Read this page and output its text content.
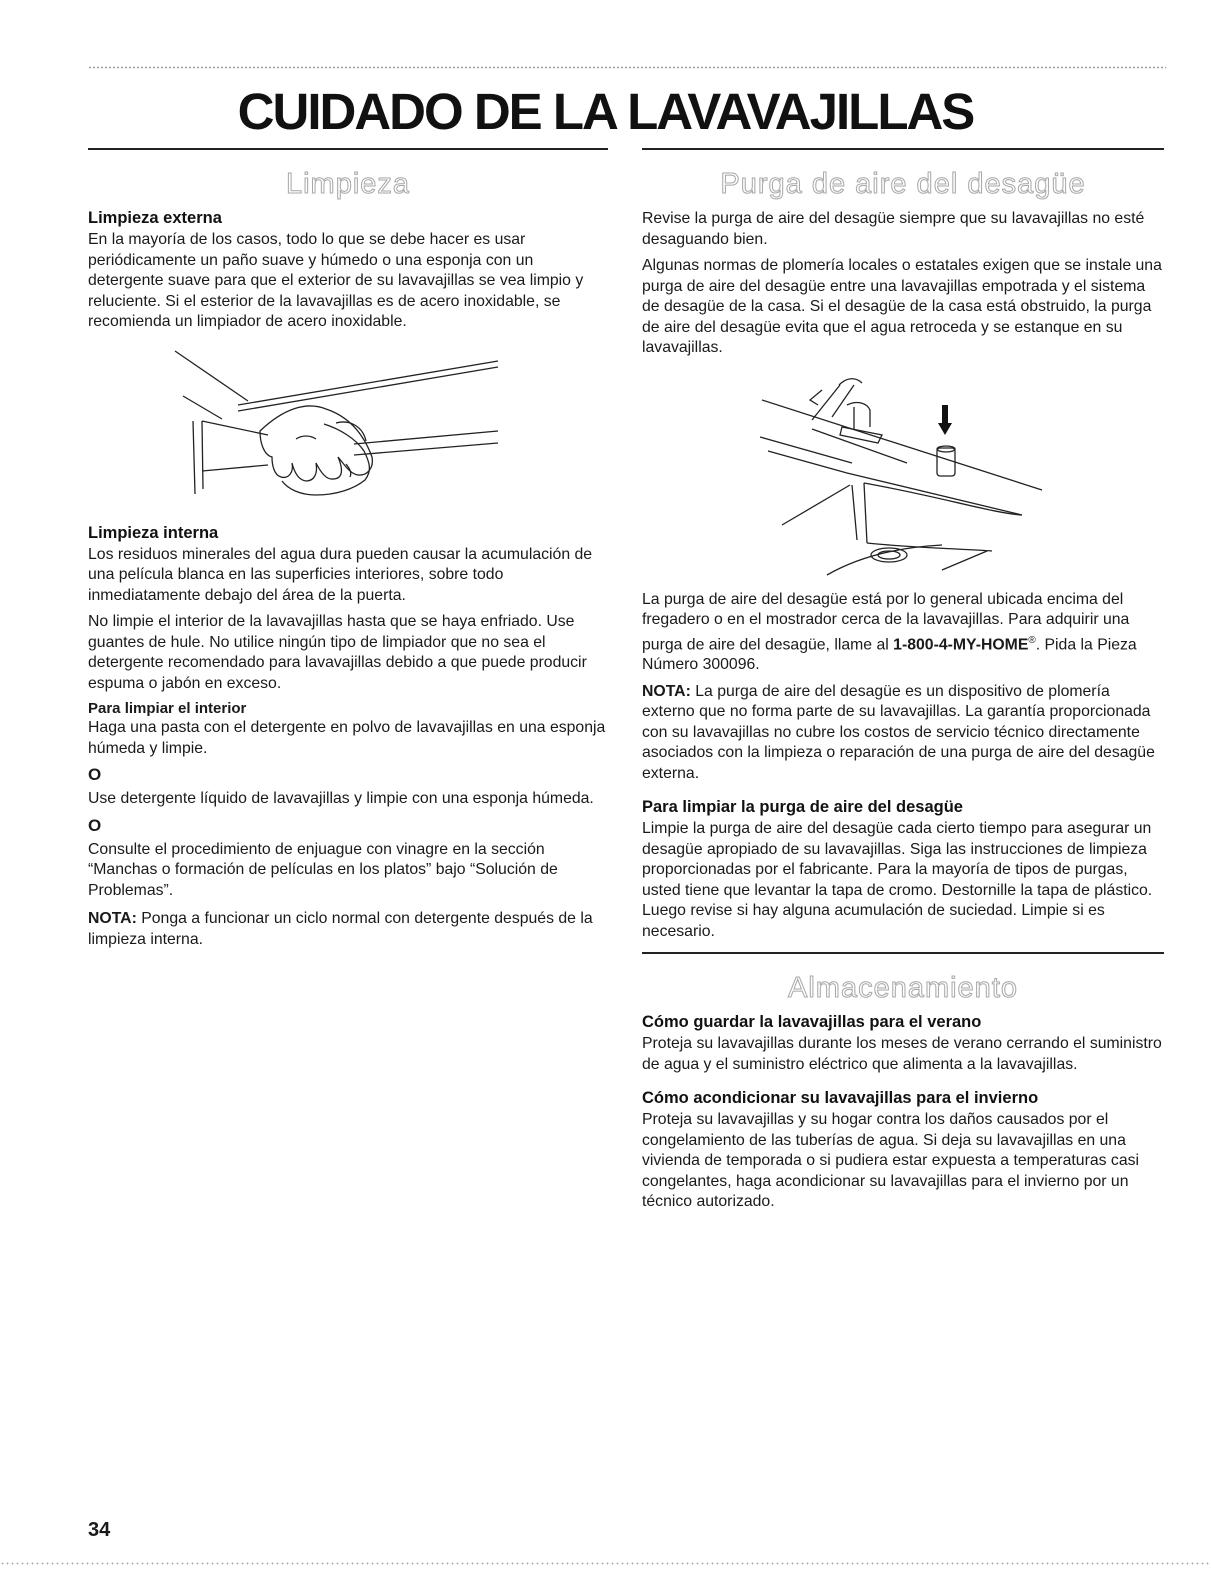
CUIDADO DE LA LAVAVAJILLAS
Limpieza
Limpieza externa

En la mayoría de los casos, todo lo que se debe hacer es usar periódicamente un paño suave y húmedo o una esponja con un detergente suave para que el exterior de su lavavajillas se vea limpio y reluciente. Si el esterior de la lavavajillas es de acero inoxidable, se recomienda un limpiador de acero inoxidable.

Limpieza interna

Los residuos minerales del agua dura pueden causar la acumulación de una película blanca en las superficies interiores, sobre todo inmediatamente debajo del área de la puerta.

No limpie el interior de la lavavajillas hasta que se haya enfriado. Use guantes de hule. No utilice ningún tipo de limpiador que no sea el detergente recomendado para lavavajillas debido a que puede producir espuma o jabón en exceso.

Para limpiar el interior

Haga una pasta con el detergente en polvo de lavavajillas en una esponja húmeda y limpie.

O

Use detergente líquido de lavavajillas y limpie con una esponja húmeda.

O

Consulte el procedimiento de enjuague con vinagre en la sección “Manchas o formación de películas en los platos” bajo “Solución de Problemas”.

NOTA: Ponga a funcionar un ciclo normal con detergente después de la limpieza interna.

Purga de aire del desagüe

Revise la purga de aire del desagüe siempre que su lavavajillas no esté desaguando bien.

Algunas normas de plomería locales o estatales exigen que se instale una purga de aire del desagüe entre una lavavajillas empotrada y el sistema de desagüe de la casa. Si el desagüe de la casa está obstruido, la purga de aire del desagüe evita que el agua retroceda y se estanque en su lavavajillas.

La purga de aire del desagüe está por lo general ubicada encima del fregadero o en el mostrador cerca de la lavavajillas. Para adquirir una purga de aire del desagüe, llame al 1-800-4-MY-HOME®. Pida la Pieza Número 300096.

NOTA: La purga de aire del desagüe es un dispositivo de plomería externo que no forma parte de su lavavajillas. La garantía proporcionada con su lavavajillas no cubre los costos de servicio técnico directamente asociados con la limpieza o reparación de una purga de aire del desagüe externa.

Para limpiar la purga de aire del desagüe

Limpie la purga de aire del desagüe cada cierto tiempo para asegurar un desagüe apropiado de su lavavajillas. Siga las instrucciones de limpieza proporcionadas por el fabricante. Para la mayoría de tipos de purgas, usted tiene que levantar la tapa de cromo. Destornille la tapa de plástico. Luego revise si hay alguna acumulación de suciedad. Limpie si es necesario.

Almacenamiento
Cómo guardar la lavavajillas para el verano

Proteja su lavavajillas durante los meses de verano cerrando el suministro de agua y el suministro eléctrico que alimenta a la lavavajillas.

Cómo acondicionar su lavavajillas para el invierno

Proteja su lavavajillas y su hogar contra los daños causados por el congelamiento de las tuberías de agua. Si deja su lavavajillas en una vivienda de temporada o si pudiera estar expuesta a temperaturas casi congelantes, haga acondicionar su lavavajillas para el invierno por un técnico autorizado.

34
